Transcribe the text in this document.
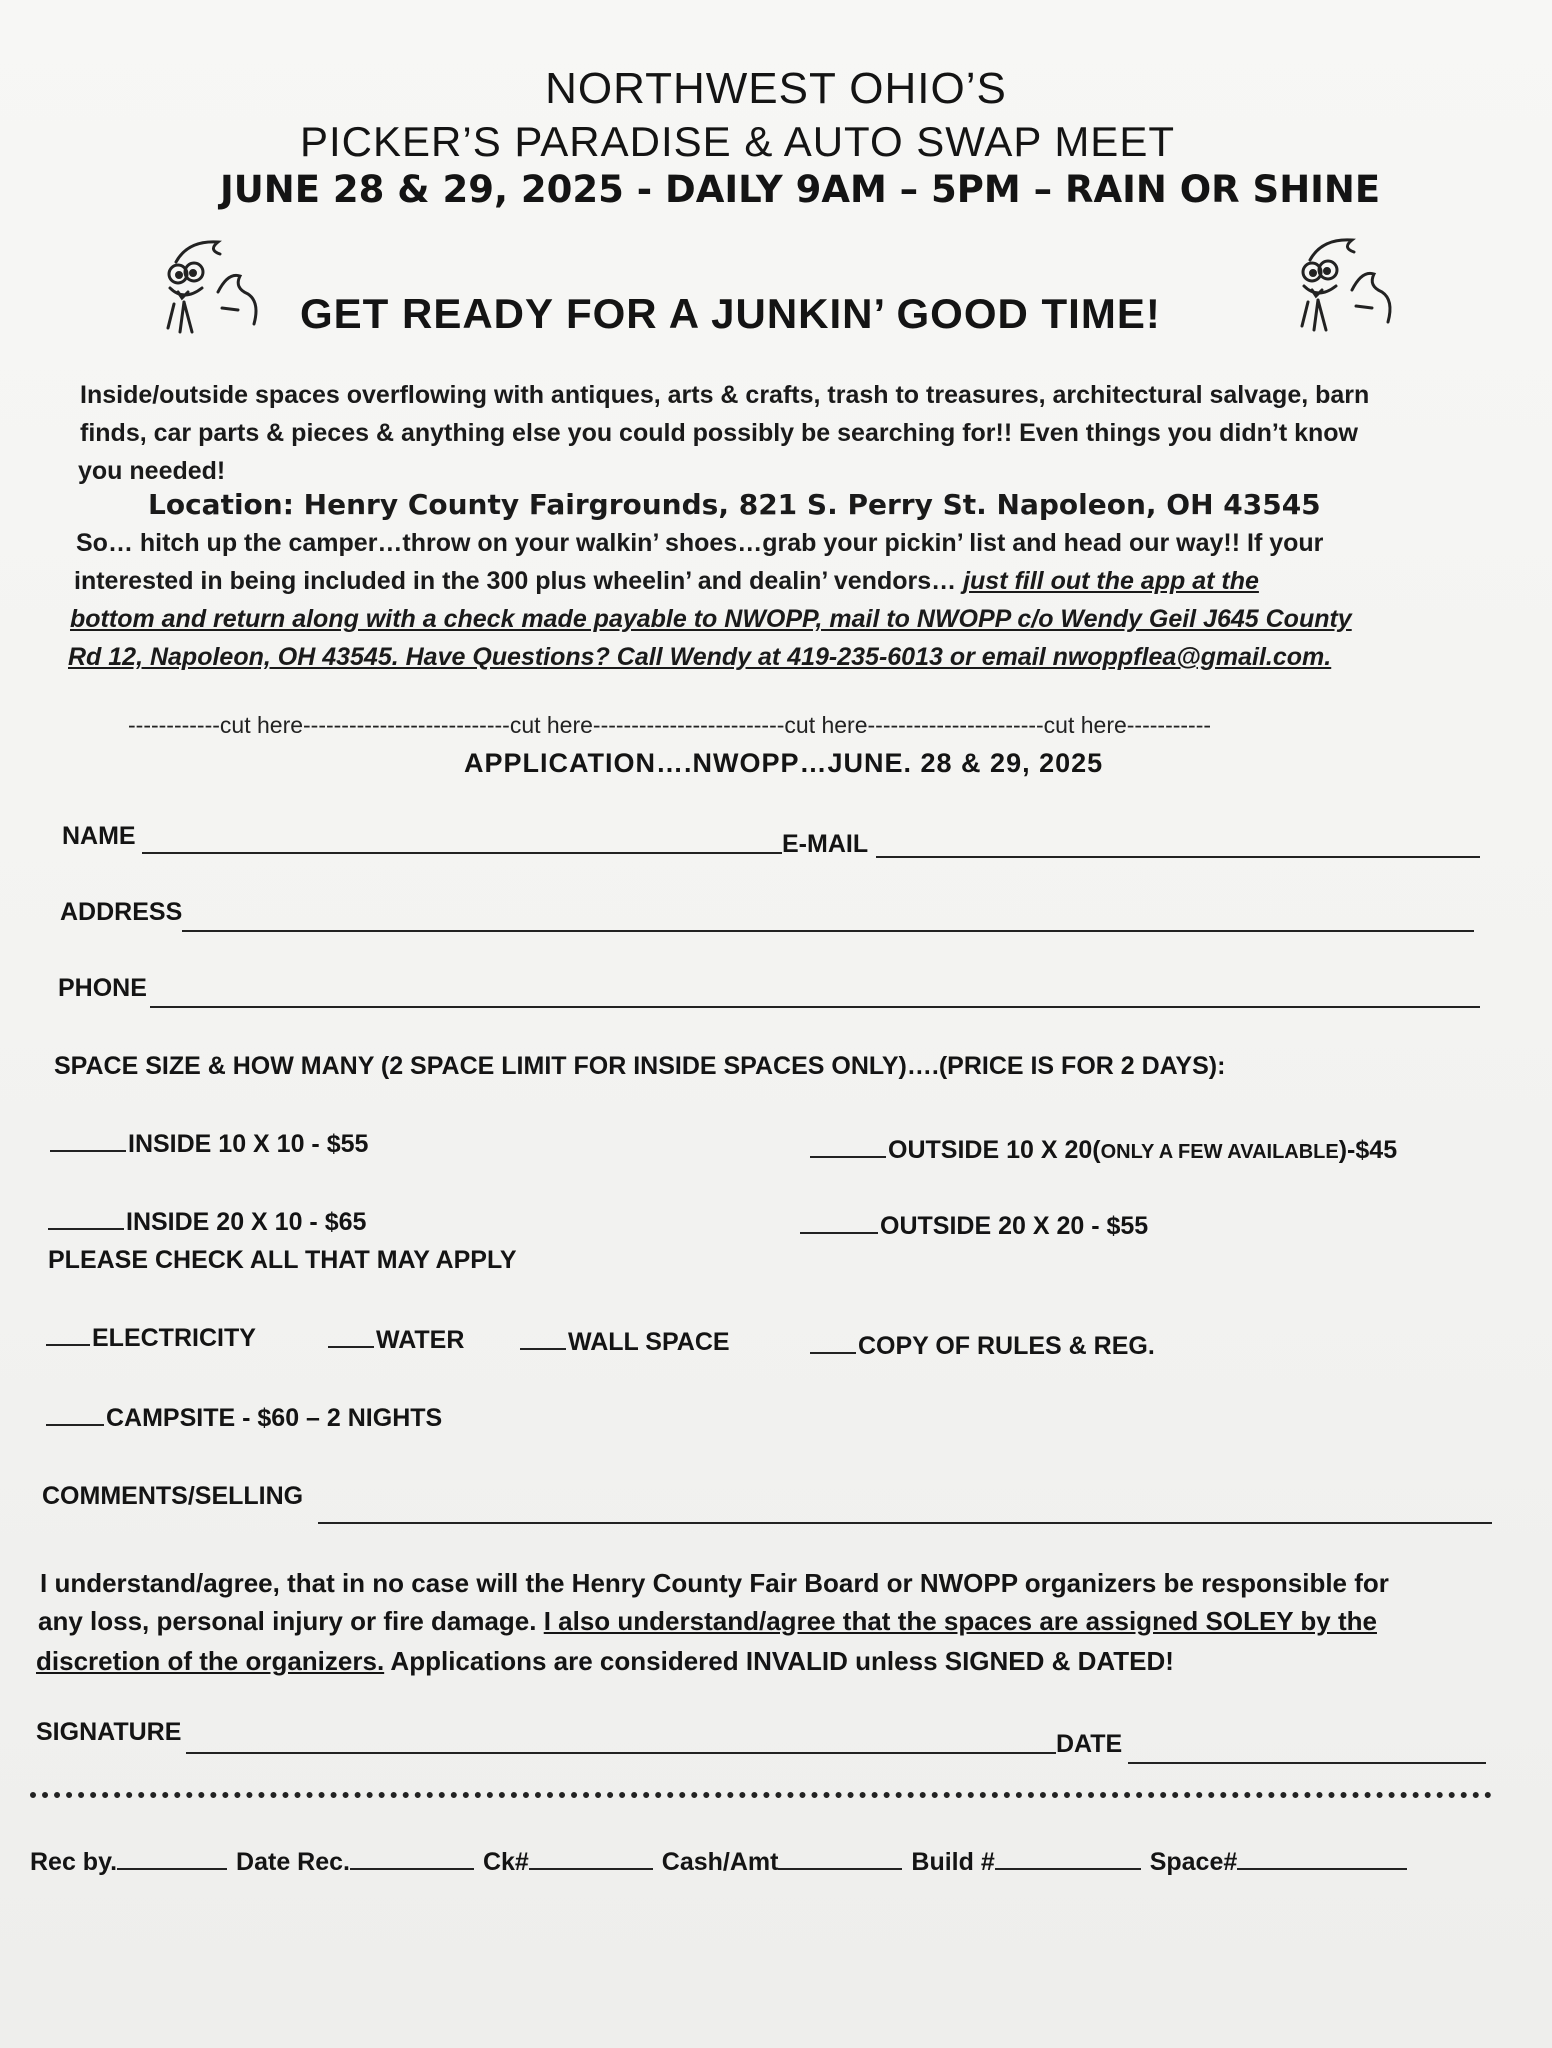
NORTHWEST OHIO’S
PICKER’S PARADISE & AUTO SWAP MEET
JUNE 28 & 29, 2025 - DAILY 9AM – 5PM – RAIN OR SHINE
GET READY FOR A JUNKIN’ GOOD TIME!
Inside/outside spaces overflowing with antiques, arts & crafts, trash to treasures, architectural salvage, barn
finds, car parts & pieces & anything else you could possibly be searching for!! Even things you didn’t know
you needed!
Location: Henry County Fairgrounds, 821 S. Perry St. Napoleon, OH 43545
So… hitch up the camper…throw on your walkin’ shoes…grab your pickin’ list and head our way!! If your
interested in being included in the 300 plus wheelin’ and dealin’ vendors… just fill out the app at the
bottom and return along with a check made payable to NWOPP, mail to NWOPP c/o Wendy Geil J645 County
Rd 12, Napoleon, OH 43545. Have Questions? Call Wendy at 419-235-6013 or email nwoppflea@gmail.com.
------------cut here---------------------------cut here-------------------------cut here-----------------------cut here-----------
APPLICATION….NWOPP…JUNE. 28 & 29, 2025
NAME	E-MAIL
ADDRESS
PHONE
SPACE SIZE & HOW MANY (2 SPACE LIMIT FOR INSIDE SPACES ONLY)….(PRICE IS FOR 2 DAYS):
INSIDE 10 X 10 - $55	OUTSIDE 10 X 20(ONLY A FEW AVAILABLE)-$45
INSIDE 20 X 10 - $65	OUTSIDE 20 X 20 - $55
PLEASE CHECK ALL THAT MAY APPLY
ELECTRICITY	WATER	WALL SPACE	COPY OF RULES & REG.
CAMPSITE - $60 – 2 NIGHTS
COMMENTS/SELLING
I understand/agree, that in no case will the Henry County Fair Board or NWOPP organizers be responsible for
any loss, personal injury or fire damage. I also understand/agree that the spaces are assigned SOLEY by the
discretion of the organizers. Applications are considered INVALID unless SIGNED & DATED!
SIGNATURE	DATE
Rec by.	Date Rec.	Ck#	Cash/Amt	Build #	Space#
